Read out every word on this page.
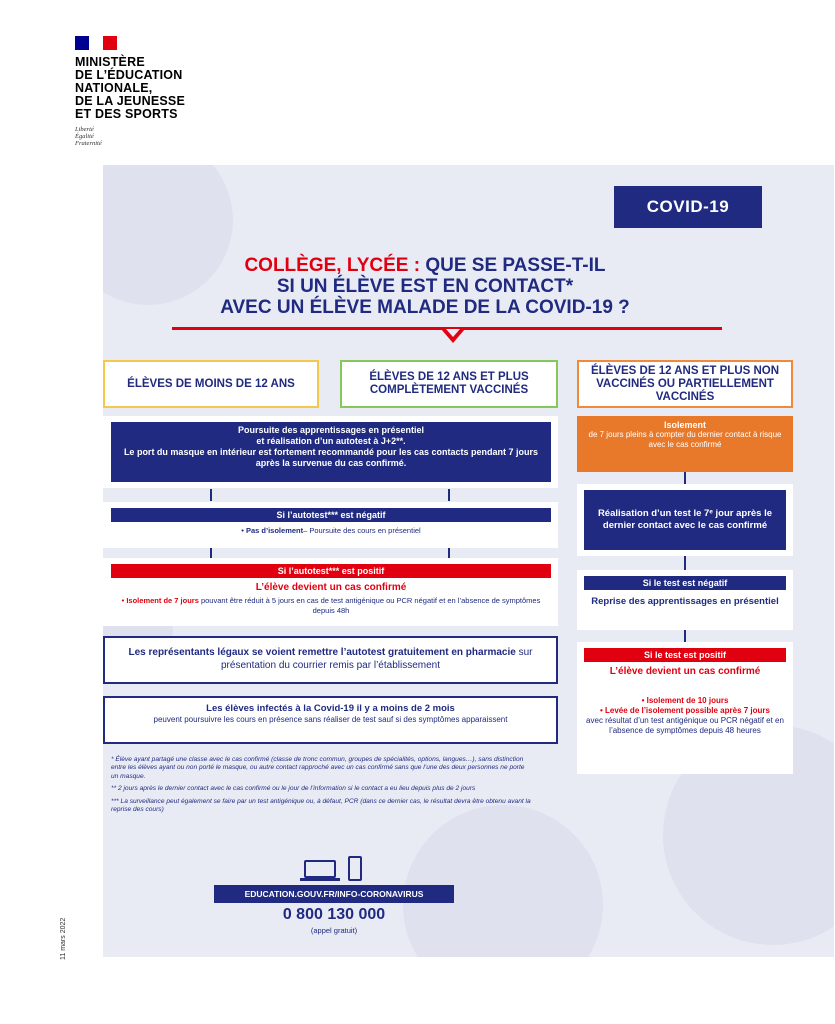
MINISTÈRE
DE L’ÉDUCATION
NATIONALE,
DE LA JEUNESSE
ET DES SPORTS
Liberté
Égalité
Fraternité
11 mars 2022
COVID-19
COLLÈGE, LYCÉE : QUE SE PASSE-T-IL
SI UN ÉLÈVE EST EN CONTACT*
AVEC UN ÉLÈVE MALADE DE LA COVID-19 ?
ÉLÈVES DE MOINS DE 12 ANS
ÉLÈVES DE 12 ANS ET PLUS COMPLÈTEMENT VACCINÉS
ÉLÈVES DE 12 ANS ET PLUS NON VACCINÉS OU PARTIELLEMENT VACCINÉS
Poursuite des apprentissages en présentiel
et réalisation d’un autotest à J+2**.
Le port du masque en intérieur est fortement recommandé pour les cas contacts pendant 7 jours après la survenue du cas confirmé.
Si l’autotest*** est négatif
• Pas d’isolement– Poursuite des cours en présentiel
Si l’autotest*** est positif
L’élève devient un cas confirmé
• Isolement de 7 jours pouvant être réduit à 5 jours en cas de test antigénique ou PCR négatif et en l’absence de symptômes depuis 48h
Les représentants légaux se voient remettre l’autotest gratuitement en pharmacie sur présentation du courrier remis par l’établissement
Les élèves infectés à la Covid-19 il y a moins de 2 mois
peuvent poursuivre les cours en présence sans réaliser de test sauf si des symptômes apparaissent
Isolement
de 7 jours pleins à compter du dernier contact à risque avec le cas confirmé
Réalisation d’un test le 7ᵉ jour après le dernier contact avec le cas confirmé
Si le test est négatif
Reprise des apprentissages en présentiel
Si le test est positif
L’élève devient un cas confirmé
• Isolement de 10 jours
• Levée de l’isolement possible après 7 jours
avec résultat d’un test antigénique ou PCR négatif et en l’absence de symptômes depuis 48 heures

* Élève ayant partagé une classe avec le cas confirmé (classe de tronc commun, groupes de spécialités, options, langues…), sans distinction entre les élèves ayant ou non porté le masque, ou autre contact rapproché avec un cas confirmé sans que l’une des deux personnes ne porte un masque.

** 2 jours après le dernier contact avec le cas confirmé ou le jour de l’information si le contact a eu lieu depuis plus de 2 jours

*** La surveillance peut également se faire par un test antigénique ou, à défaut, PCR (dans ce dernier cas, le résultat devra être obtenu avant la reprise des cours)

EDUCATION.GOUV.FR/INFO-CORONAVIRUS
0 800 130 000
(appel gratuit)
